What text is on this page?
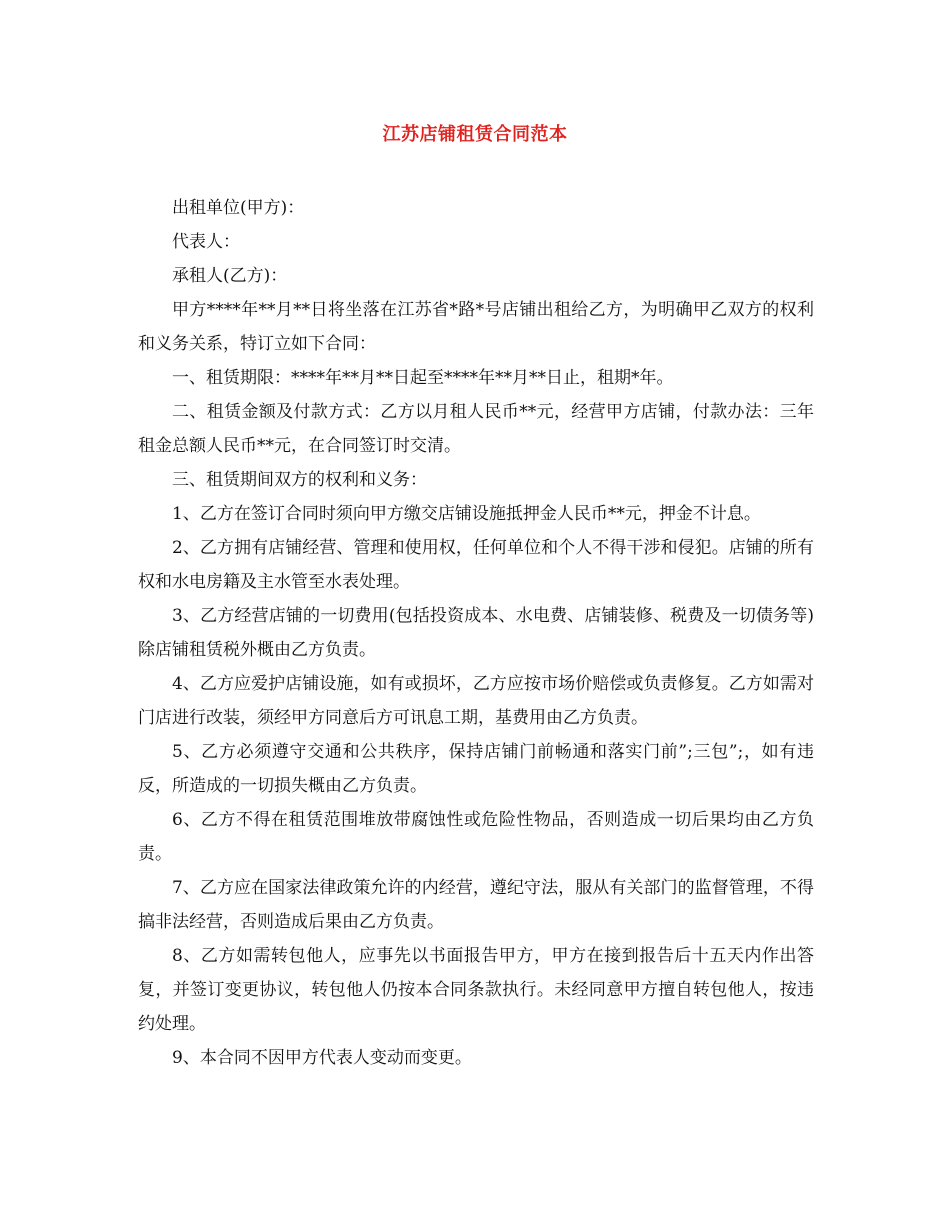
江苏店铺租赁合同范本

出租单位(甲方)：

代表人：

承租人(乙方)：

甲方****年**月**日将坐落在江苏省*路*号店铺出租给乙方，为明确甲乙双方的权利和义务关系，特订立如下合同：

一、租赁期限：****年**月**日起至****年**月**日止，租期*年。

二、租赁金额及付款方式：乙方以月租人民币**元，经营甲方店铺，付款办法：三年租金总额人民币**元，在合同签订时交清。

三、租赁期间双方的权利和义务：

1、乙方在签订合同时须向甲方缴交店铺设施抵押金人民币**元，押金不计息。

2、乙方拥有店铺经营、管理和使用权，任何单位和个人不得干涉和侵犯。店铺的所有权和水电房籍及主水管至水表处理。

3、乙方经营店铺的一切费用(包括投资成本、水电费、店铺装修、税费及一切债务等)除店铺租赁税外概由乙方负责。

4、乙方应爱护店铺设施，如有或损坏，乙方应按市场价赔偿或负责修复。乙方如需对门店进行改装，须经甲方同意后方可讯息工期，基费用由乙方负责。

5、乙方必须遵守交通和公共秩序，保持店铺门前畅通和落实门前”;三包”;，如有违反，所造成的一切损失概由乙方负责。

6、乙方不得在租赁范围堆放带腐蚀性或危险性物品，否则造成一切后果均由乙方负责。

7、乙方应在国家法律政策允许的内经营，遵纪守法，服从有关部门的监督管理，不得搞非法经营，否则造成后果由乙方负责。

8、乙方如需转包他人，应事先以书面报告甲方，甲方在接到报告后十五天内作出答复，并签订变更协议，转包他人仍按本合同条款执行。未经同意甲方擅自转包他人，按违约处理。

9、本合同不因甲方代表人变动而变更。
